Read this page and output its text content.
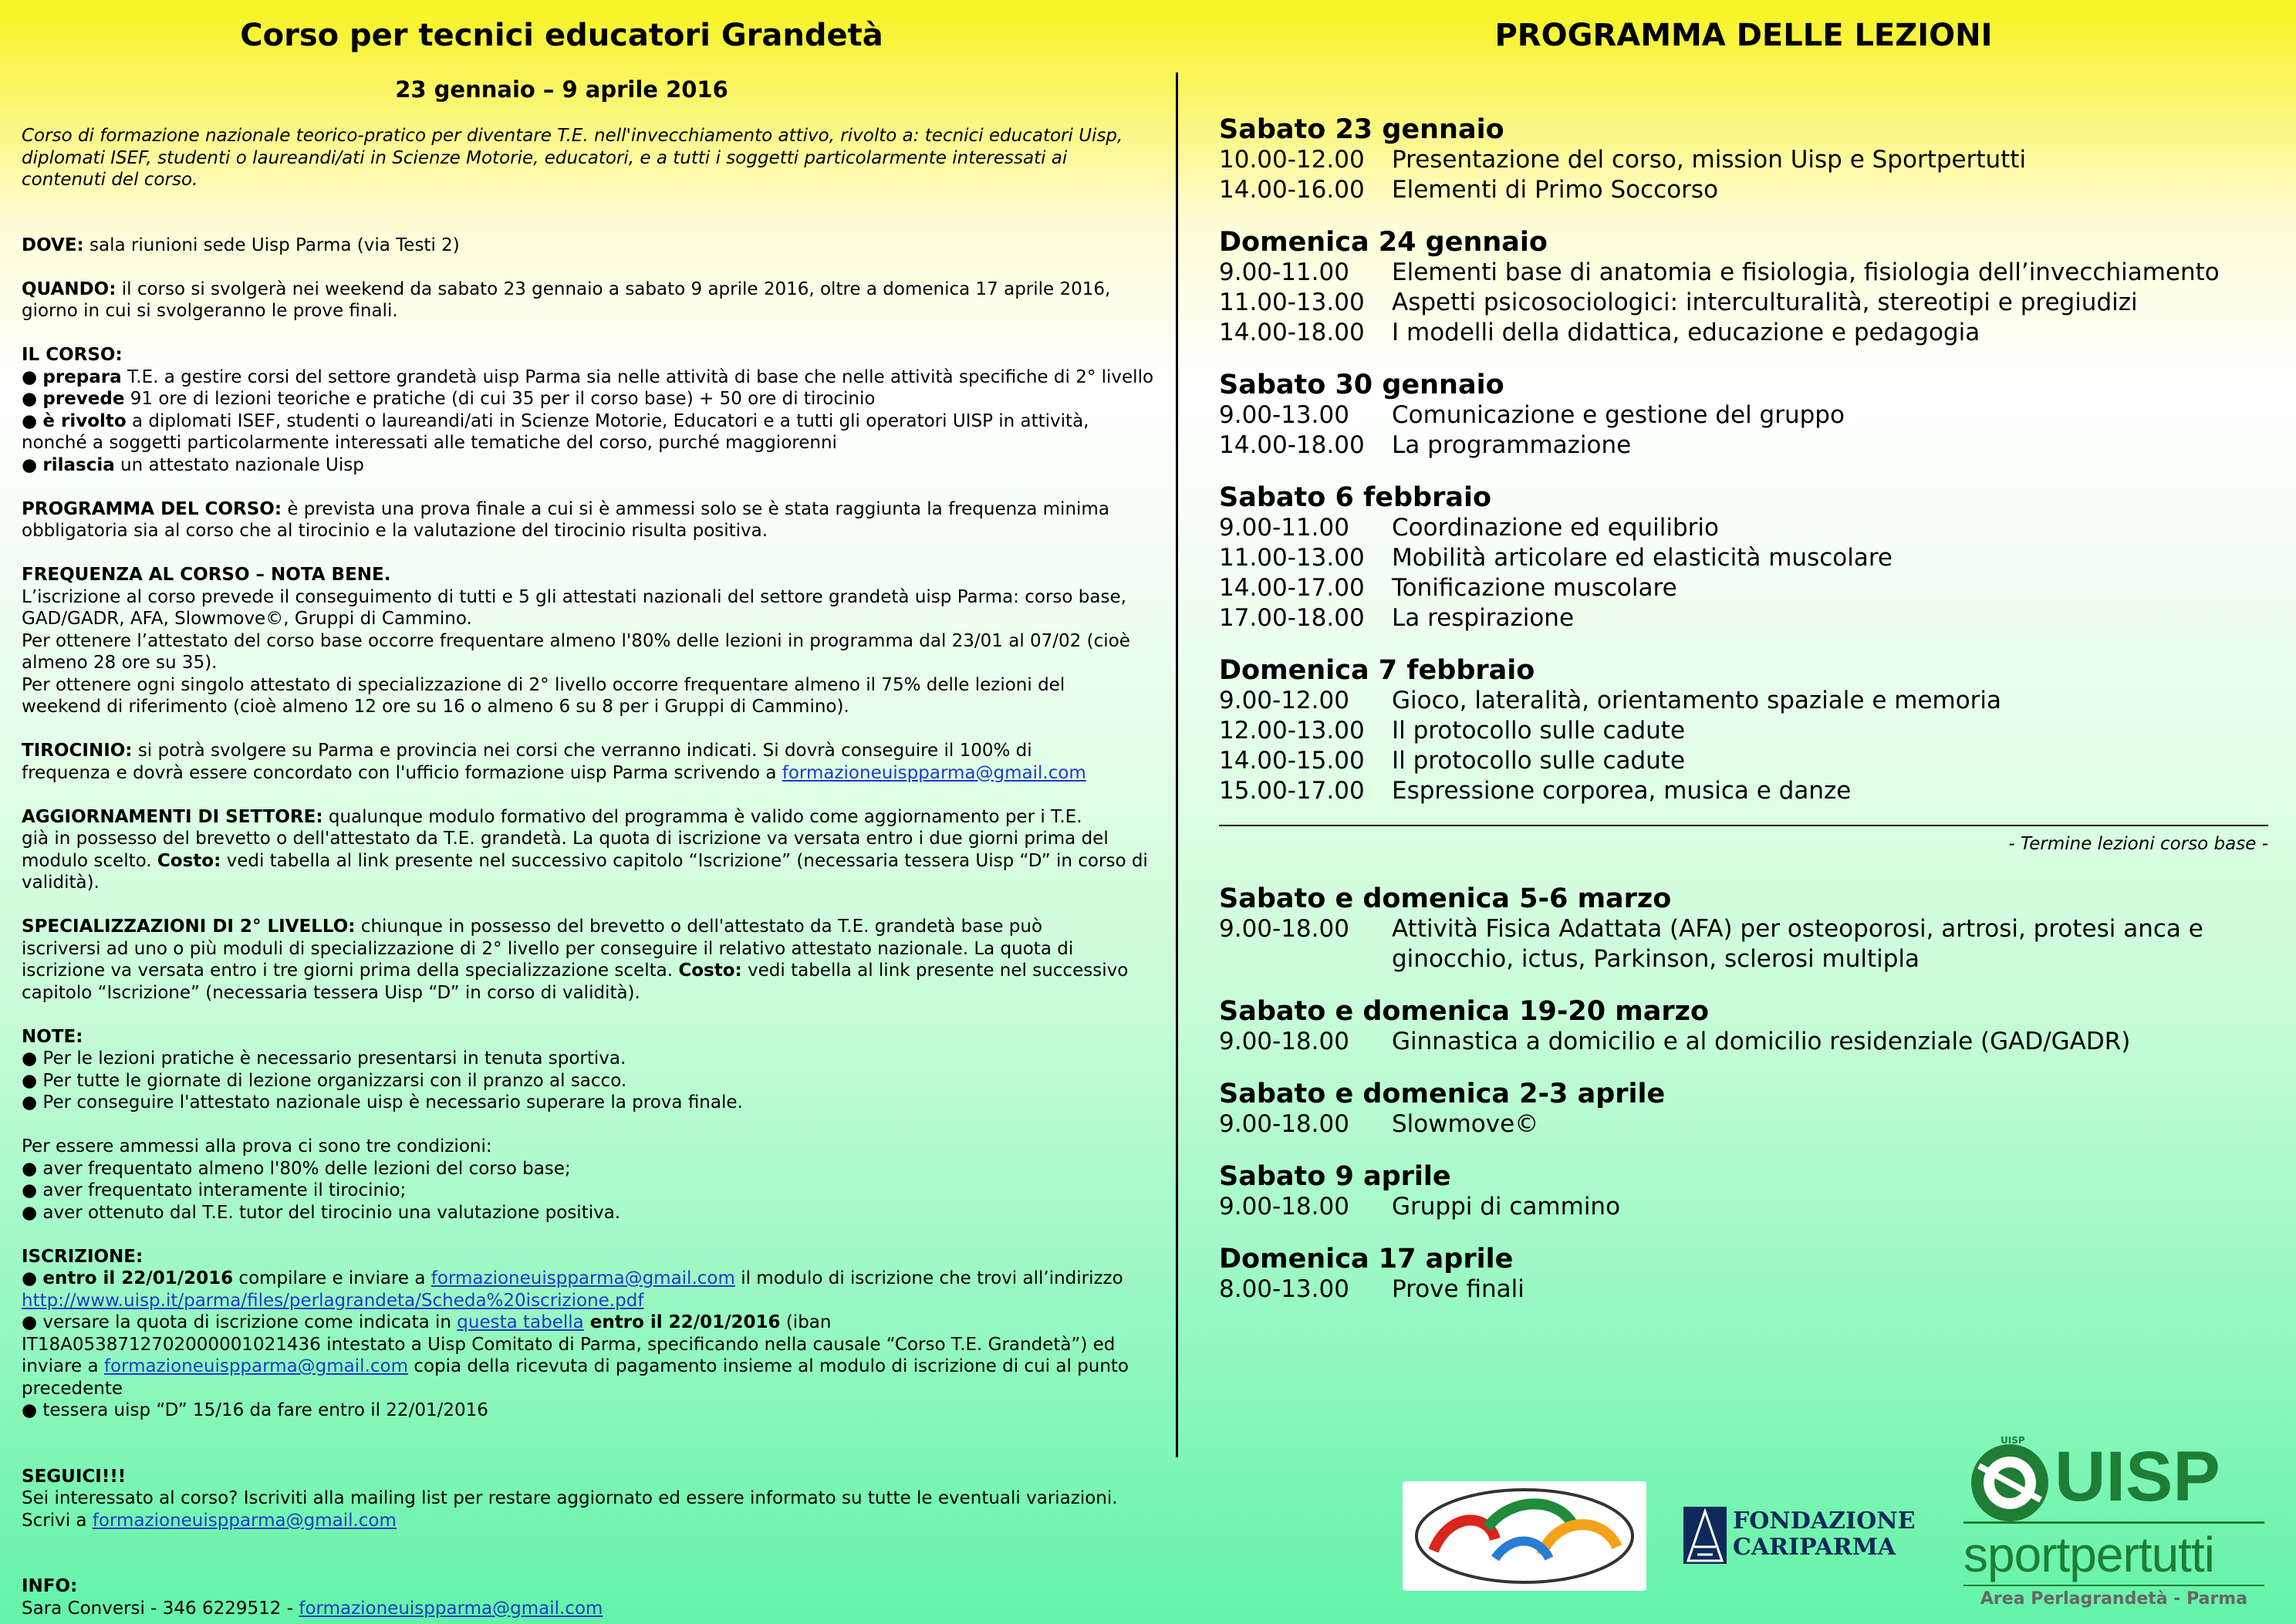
Corso per tecnici educatori Grandetà
23 gennaio – 9 aprile 2016
Corso di formazione nazionale teorico-pratico per diventare T.E. nell'invecchiamento attivo, rivolto a: tecnici educatori Uisp,
diplomati ISEF, studenti o laureandi/ati in Scienze Motorie, educatori, e a tutti i soggetti particolarmente interessati ai
contenuti del corso.
DOVE: sala riunioni sede Uisp Parma (via Testi 2)
QUANDO: il corso si svolgerà nei weekend da sabato 23 gennaio a sabato 9 aprile 2016, oltre a domenica 17 aprile 2016,
giorno in cui si svolgeranno le prove finali.
IL CORSO:
● prepara T.E. a gestire corsi del settore grandetà uisp Parma sia nelle attività di base che nelle attività specifiche di 2° livello
● prevede 91 ore di lezioni teoriche e pratiche (di cui 35 per il corso base) + 50 ore di tirocinio
● è rivolto a diplomati ISEF, studenti o laureandi/ati in Scienze Motorie, Educatori e a tutti gli operatori UISP in attività,
nonché a soggetti particolarmente interessati alle tematiche del corso, purché maggiorenni
● rilascia un attestato nazionale Uisp
PROGRAMMA DEL CORSO: è prevista una prova finale a cui si è ammessi solo se è stata raggiunta la frequenza minima
obbligatoria sia al corso che al tirocinio e la valutazione del tirocinio risulta positiva.
FREQUENZA AL CORSO – NOTA BENE.
L’iscrizione al corso prevede il conseguimento di tutti e 5 gli attestati nazionali del settore grandetà uisp Parma: corso base,
GAD/GADR, AFA, Slowmove©, Gruppi di Cammino.
Per ottenere l’attestato del corso base occorre frequentare almeno l'80% delle lezioni in programma dal 23/01 al 07/02 (cioè
almeno 28 ore su 35).
Per ottenere ogni singolo attestato di specializzazione di 2° livello occorre frequentare almeno il 75% delle lezioni del
weekend di riferimento (cioè almeno 12 ore su 16 o almeno 6 su 8 per i Gruppi di Cammino).
TIROCINIO: si potrà svolgere su Parma e provincia nei corsi che verranno indicati. Si dovrà conseguire il 100% di
frequenza e dovrà essere concordato con l'ufficio formazione uisp Parma scrivendo a formazioneuispparma@gmail.com
AGGIORNAMENTI DI SETTORE: qualunque modulo formativo del programma è valido come aggiornamento per i T.E.
già in possesso del brevetto o dell'attestato da T.E. grandetà. La quota di iscrizione va versata entro i due giorni prima del
modulo scelto. Costo: vedi tabella al link presente nel successivo capitolo “Iscrizione” (necessaria tessera Uisp “D” in corso di
validità).
SPECIALIZZAZIONI DI 2° LIVELLO: chiunque in possesso del brevetto o dell'attestato da T.E. grandetà base può
iscriversi ad uno o più moduli di specializzazione di 2° livello per conseguire il relativo attestato nazionale. La quota di
iscrizione va versata entro i tre giorni prima della specializzazione scelta. Costo: vedi tabella al link presente nel successivo
capitolo “Iscrizione” (necessaria tessera Uisp “D” in corso di validità).
NOTE:
● Per le lezioni pratiche è necessario presentarsi in tenuta sportiva.
● Per tutte le giornate di lezione organizzarsi con il pranzo al sacco.
● Per conseguire l'attestato nazionale uisp è necessario superare la prova finale.
Per essere ammessi alla prova ci sono tre condizioni:
● aver frequentato almeno l'80% delle lezioni del corso base;
● aver frequentato interamente il tirocinio;
● aver ottenuto dal T.E. tutor del tirocinio una valutazione positiva.
ISCRIZIONE:
● entro il 22/01/2016 compilare e inviare a formazioneuispparma@gmail.com il modulo di iscrizione che trovi all’indirizzo
http://www.uisp.it/parma/files/perlagrandeta/Scheda%20iscrizione.pdf
● versare la quota di iscrizione come indicata in questa tabella entro il 22/01/2016 (iban
IT18A0538712702000001021436 intestato a Uisp Comitato di Parma, specificando nella causale “Corso T.E. Grandetà”) ed
inviare a formazioneuispparma@gmail.com copia della ricevuta di pagamento insieme al modulo di iscrizione di cui al punto
precedente
● tessera uisp “D” 15/16 da fare entro il 22/01/2016
SEGUICI!!!
Sei interessato al corso? Iscriviti alla mailing list per restare aggiornato ed essere informato su tutte le eventuali variazioni.
Scrivi a formazioneuispparma@gmail.com
INFO:
Sara Conversi - 346 6229512 - formazioneuispparma@gmail.com
PROGRAMMA DELLE LEZIONI
Sabato 23 gennaio
10.00-12.00	Presentazione del corso, mission Uisp e Sportpertutti
14.00-16.00	Elementi di Primo Soccorso
Domenica 24 gennaio
9.00-11.00	Elementi base di anatomia e fisiologia, fisiologia dell’invecchiamento
11.00-13.00	Aspetti psicosociologici: interculturalità, stereotipi e pregiudizi
14.00-18.00	I modelli della didattica, educazione e pedagogia
Sabato 30 gennaio
9.00-13.00	Comunicazione e gestione del gruppo
14.00-18.00	La programmazione
Sabato 6 febbraio
9.00-11.00	Coordinazione ed equilibrio
11.00-13.00	Mobilità articolare ed elasticità muscolare
14.00-17.00	Tonificazione muscolare
17.00-18.00	La respirazione
Domenica 7 febbraio
9.00-12.00	Gioco, lateralità, orientamento spaziale e memoria
12.00-13.00	Il protocollo sulle cadute
14.00-15.00	Il protocollo sulle cadute
15.00-17.00	Espressione corporea, musica e danze
- Termine lezioni corso base -
Sabato e domenica 5-6 marzo
9.00-18.00	Attività Fisica Adattata (AFA) per osteoporosi, artrosi, protesi anca e ginocchio, ictus, Parkinson, sclerosi multipla
Sabato e domenica 19-20 marzo
9.00-18.00	Ginnastica a domicilio e al domicilio residenziale (GAD/GADR)
Sabato e domenica 2-3 aprile
9.00-18.00	Slowmove©
Sabato 9 aprile
9.00-18.00	Gruppi di cammino
Domenica 17 aprile
8.00-13.00	Prove finali
FONDAZIONE
CARIPARMA
UISP UISP
sportpertutti
Area Perlagrandetà - Parma
